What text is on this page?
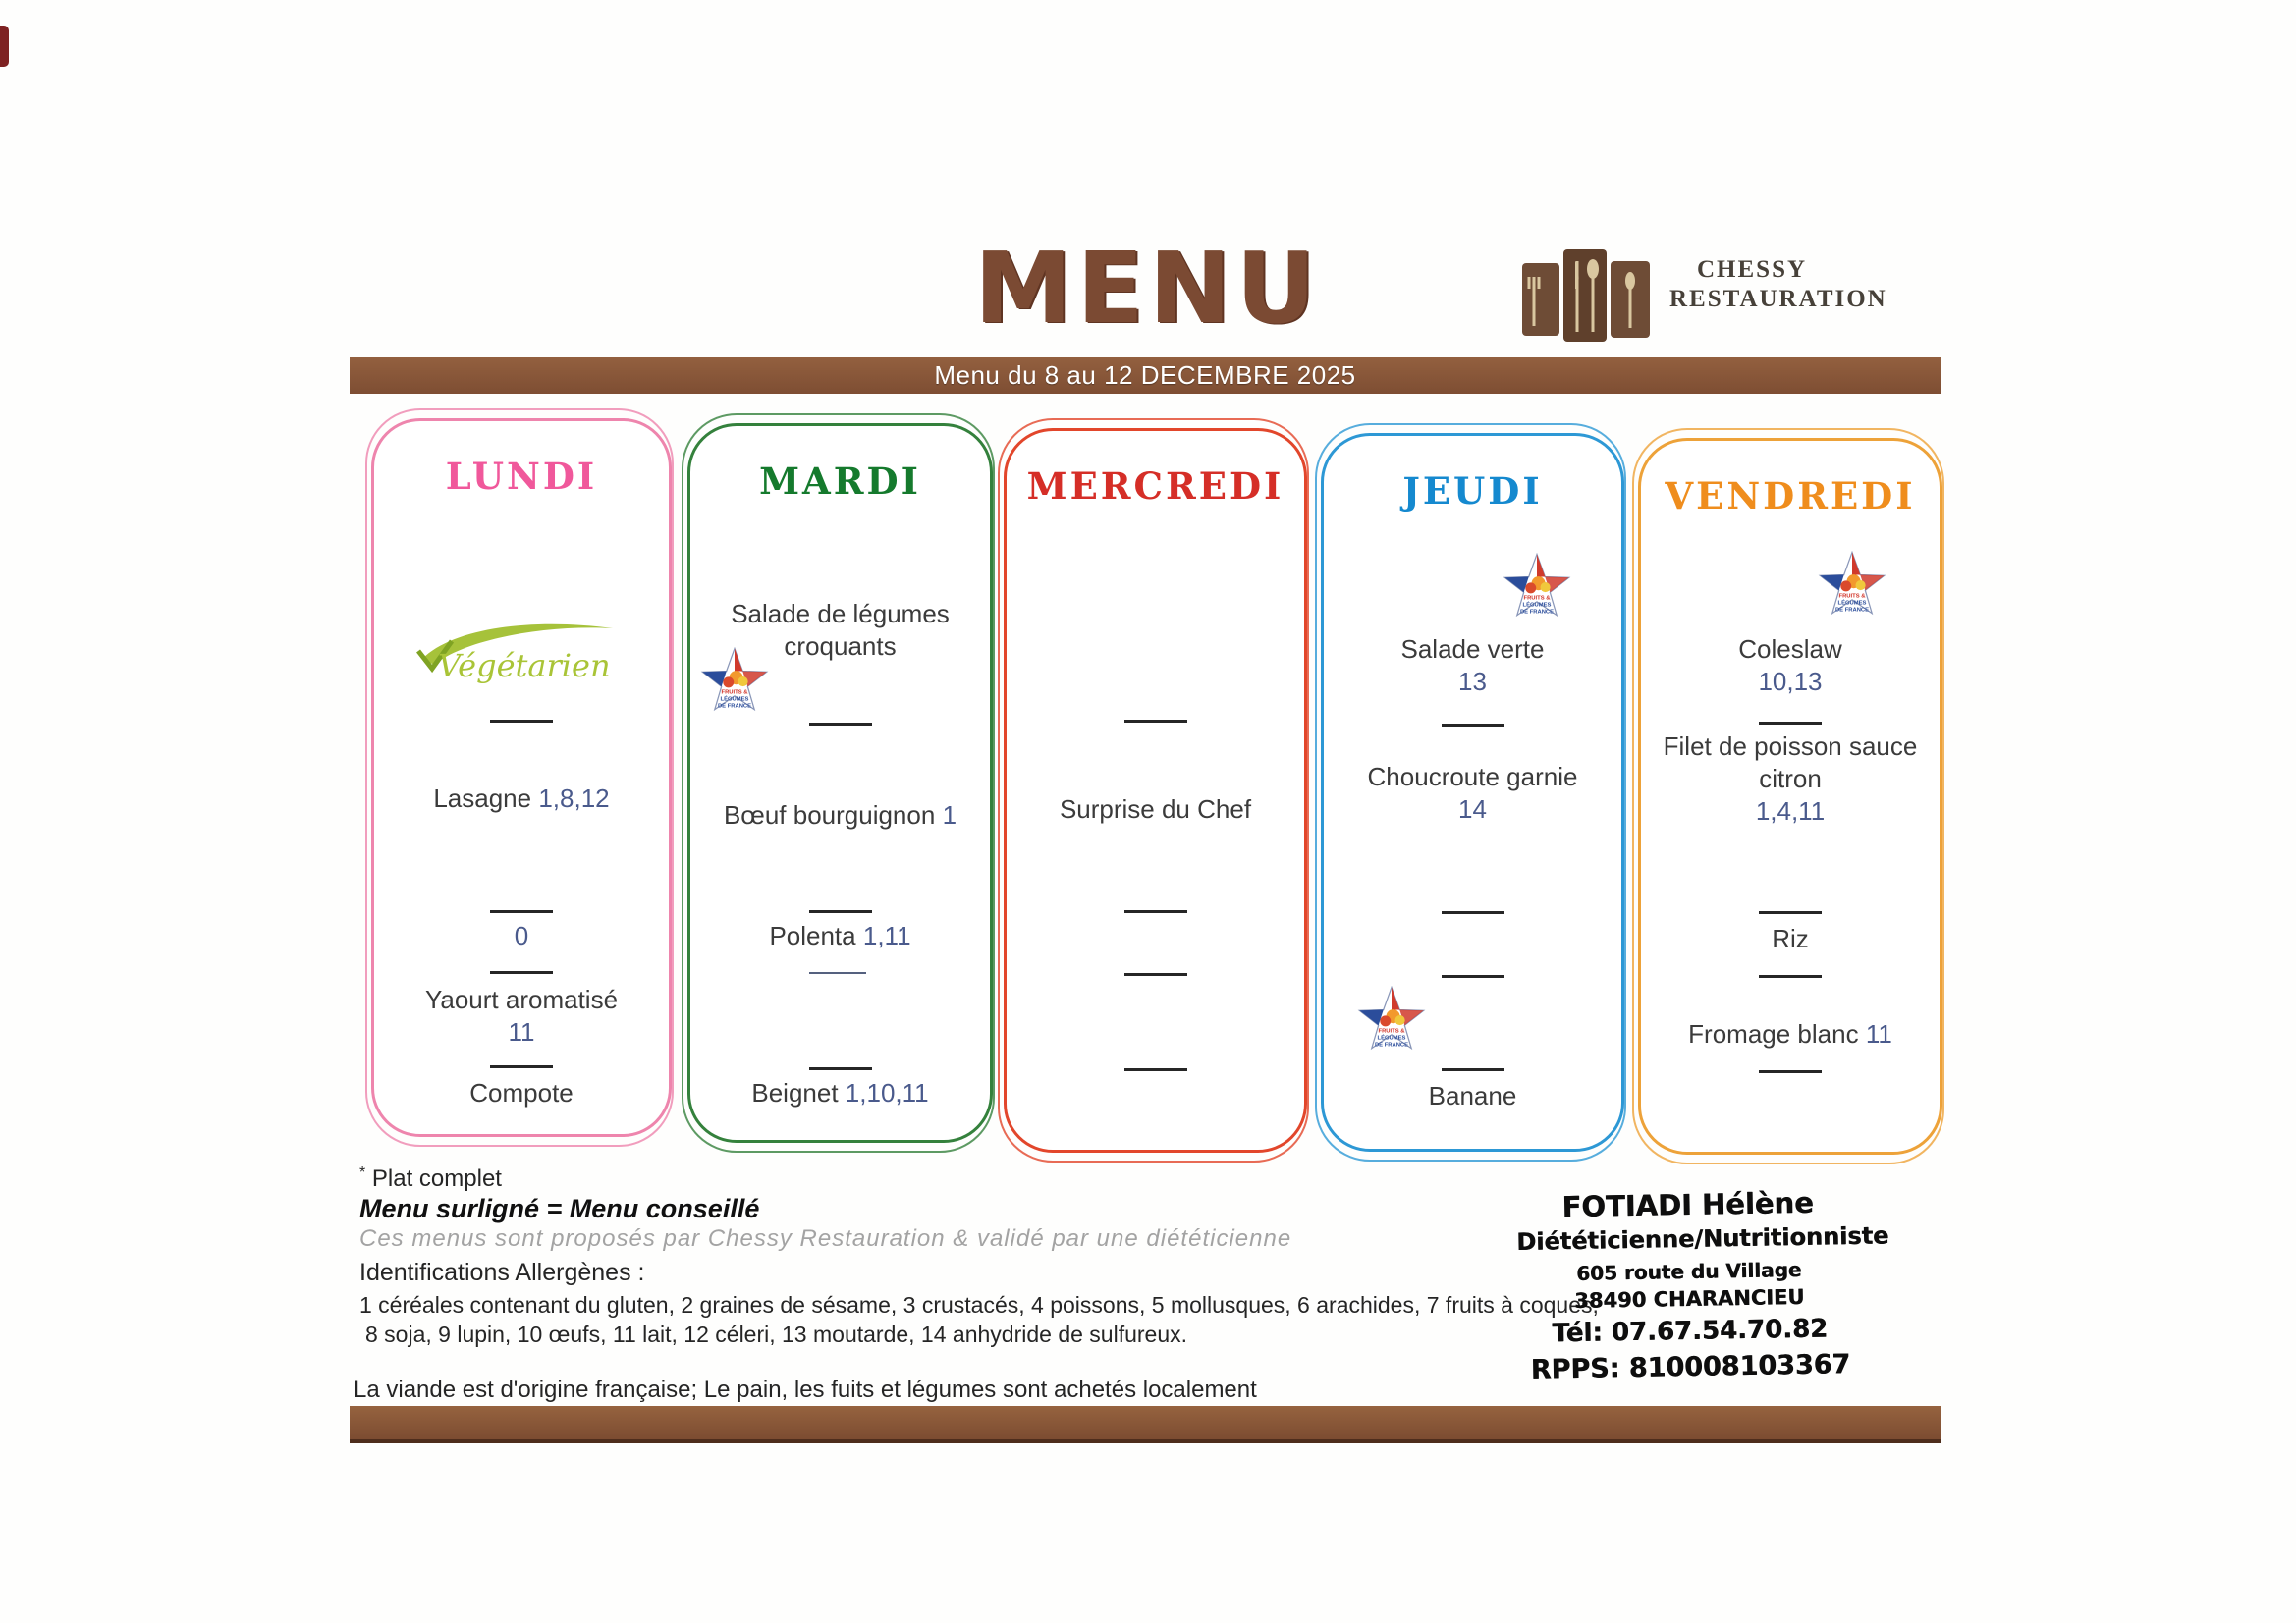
MENU	CHESSY
RESTAURATION
Menu du 8 au 12 DECEMBRE 2025
LUNDI
Végétarien
Lasagne 1,8,12
0
Yaourt aromatisé
11
Compote
MARDI
Salade de légumes croquants
FRUITS &
LÉGUMES
DE FRANCE
Bœuf bourguignon 1
Polenta 1,11
Beignet 1,10,11
MERCREDI
Surprise du Chef
JEUDI
FRUITS &
LÉGUMES
DE FRANCE
Salade verte
13
Choucroute garnie
14
FRUITS &
LÉGUMES
DE FRANCE
Banane
VENDREDI
FRUITS &
LÉGUMES
DE FRANCE
Coleslaw
10,13
Filet de poisson sauce citron
1,4,11
Riz
Fromage blanc 11
* Plat complet
Menu surligné = Menu conseillé
Ces menus sont proposés par Chessy Restauration & validé par une diététicienne
Identifications Allergènes :
1 céréales contenant du gluten, 2 graines de sésame, 3 crustacés, 4 poissons, 5 mollusques, 6 arachides, 7 fruits à coques,
8 soja, 9 lupin, 10 œufs, 11 lait, 12 céleri, 13 moutarde, 14 anhydride de sulfureux.
La viande est d'origine française; Le pain, les fuits et légumes sont achetés localement
FOTIADI Hélène
Diététicienne/Nutritionniste
605 route du Village
38490 CHARANCIEU
Tél: 07.67.54.70.82
RPPS: 810008103367
